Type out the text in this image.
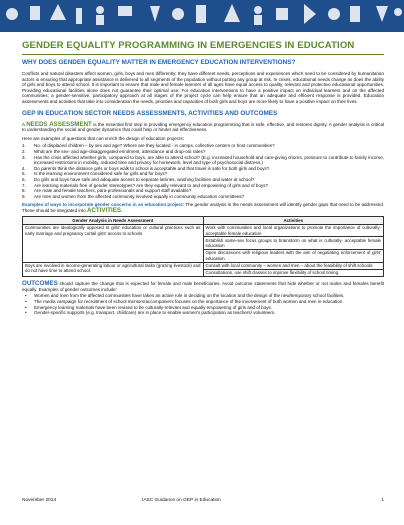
GENDER EQUALITY PROGRAMMING IN EMERGENCIES IN EDUCATION
WHY DOES GENDER EQUALITY MATTER IN EMERGENCY EDUCATION INTERVENTIONS?

Conflicts and natural disasters affect women, girls, boys and men differently; they have different needs, perceptions and experiences which need to be considered by humanitarian actors in ensuring that appropriate assistance is delivered to all segments of the population without putting any group at risk. In crises, educational needs change as does the ability of girls and boys to attend school. It is important to ensure that male and female learners of all ages have equal access to quality, relevant and protective educational opportunities. Providing educational facilities alone does not guarantee their optimal use. For education interventions to have a positive impact on individual learners and on the affected communities; a gender-sensitive, participatory approach at all stages of the project cycle can help ensure that an adequate and efficient response is provided. Education assessments and activities that take into consideration the needs, priorities and capacities of both girls and boys are more likely to have a positive impact on their lives.

GEP IN EDUCATION SECTOR NEEDS ASSESSMENTS, ACTIVITIES AND OUTCOMES

A NEEDS ASSESSMENT is the essential first step in providing emergency education programming that is safe, effective, and restores dignity. A gender analysis is critical to understanding the social and gender dynamics that could help or hinder aid effectiveness.

Here are examples of questions that can enrich the design of education projects:

1. No. of displaced children – by sex and age? Where are they located - in camps, collective centers or host communities?
2. What are the sex- and age-disaggregated enrolment, attendance and drop-out rates?
3. Has the crisis affected whether girls, compared to boys, are able to attend school? (E.g. increased household and care-giving chores, pressure to contribute to family income, increased restrictions in mobility, reduced time and privacy for homework, level and type of psychosocial distress.)
4. Do parents think the distance girls or boys walk to school is acceptable and that travel is safe for both girls and boys?
5. Is the learning environment considered safe for girls and for boys?
6. Do girls and boys have safe and adequate access to separate latrines, washing facilities and water at school?
7. Are learning materials free of gender stereotypes? Are they equally relevant to and empowering of girls and of boys?
8. Are male and female teachers, para-professionals and support staff available?
9. Are men and women from the affected community involved equally in community education committees?

Examples of ways to incorporate gender concerns in an education project: The gender analysis in the needs assessment will identify gender gaps that need to be addressed. These should be integrated into ACTIVITIES.

Gender Analysis in Needs Assessment	Activities
Communities are ideologically opposed to girls' education or cultural practices such as early marriage and pregnancy curtail girls' access to schools	Work with communities and local organizations to promote the importance of culturally-acceptable female education
	Establish same-sex focus groups to brainstorm on what is culturally- acceptable female education
	Open discussions with religious leaders with the aim of negotiating enforcement of girls' education.
Boys are involved in income-generating labour or agricultural tasks (grazing livestock) and do not have time to attend school.	Consult with local community – women and men – about the feasibility of shift schools.
	Consultations, use shift classes to improve flexibility of school timing.

OUTCOMES should capture the change that is expected for female and male beneficiaries. Avoid outcome statements that hide whether or not males and females benefit equally. Examples of gender outcomes include:

• Women and men from the affected communities have taken an active role in deciding on the location and the design of the new/temporary school facilities.
• The media campaign for recruitment of school mentors/accompaniers focuses on the importance of the involvement of both women and men in education
• Emergency learning materials have been revised to be culturally-relevant and equally empowering of girls and of boys.
• Gender-specific supports (e.g. transport, childcare) are in place to enable women's participation as teachers/ volunteers.
November 2014	IASC Guidance on GEP in Education	1
